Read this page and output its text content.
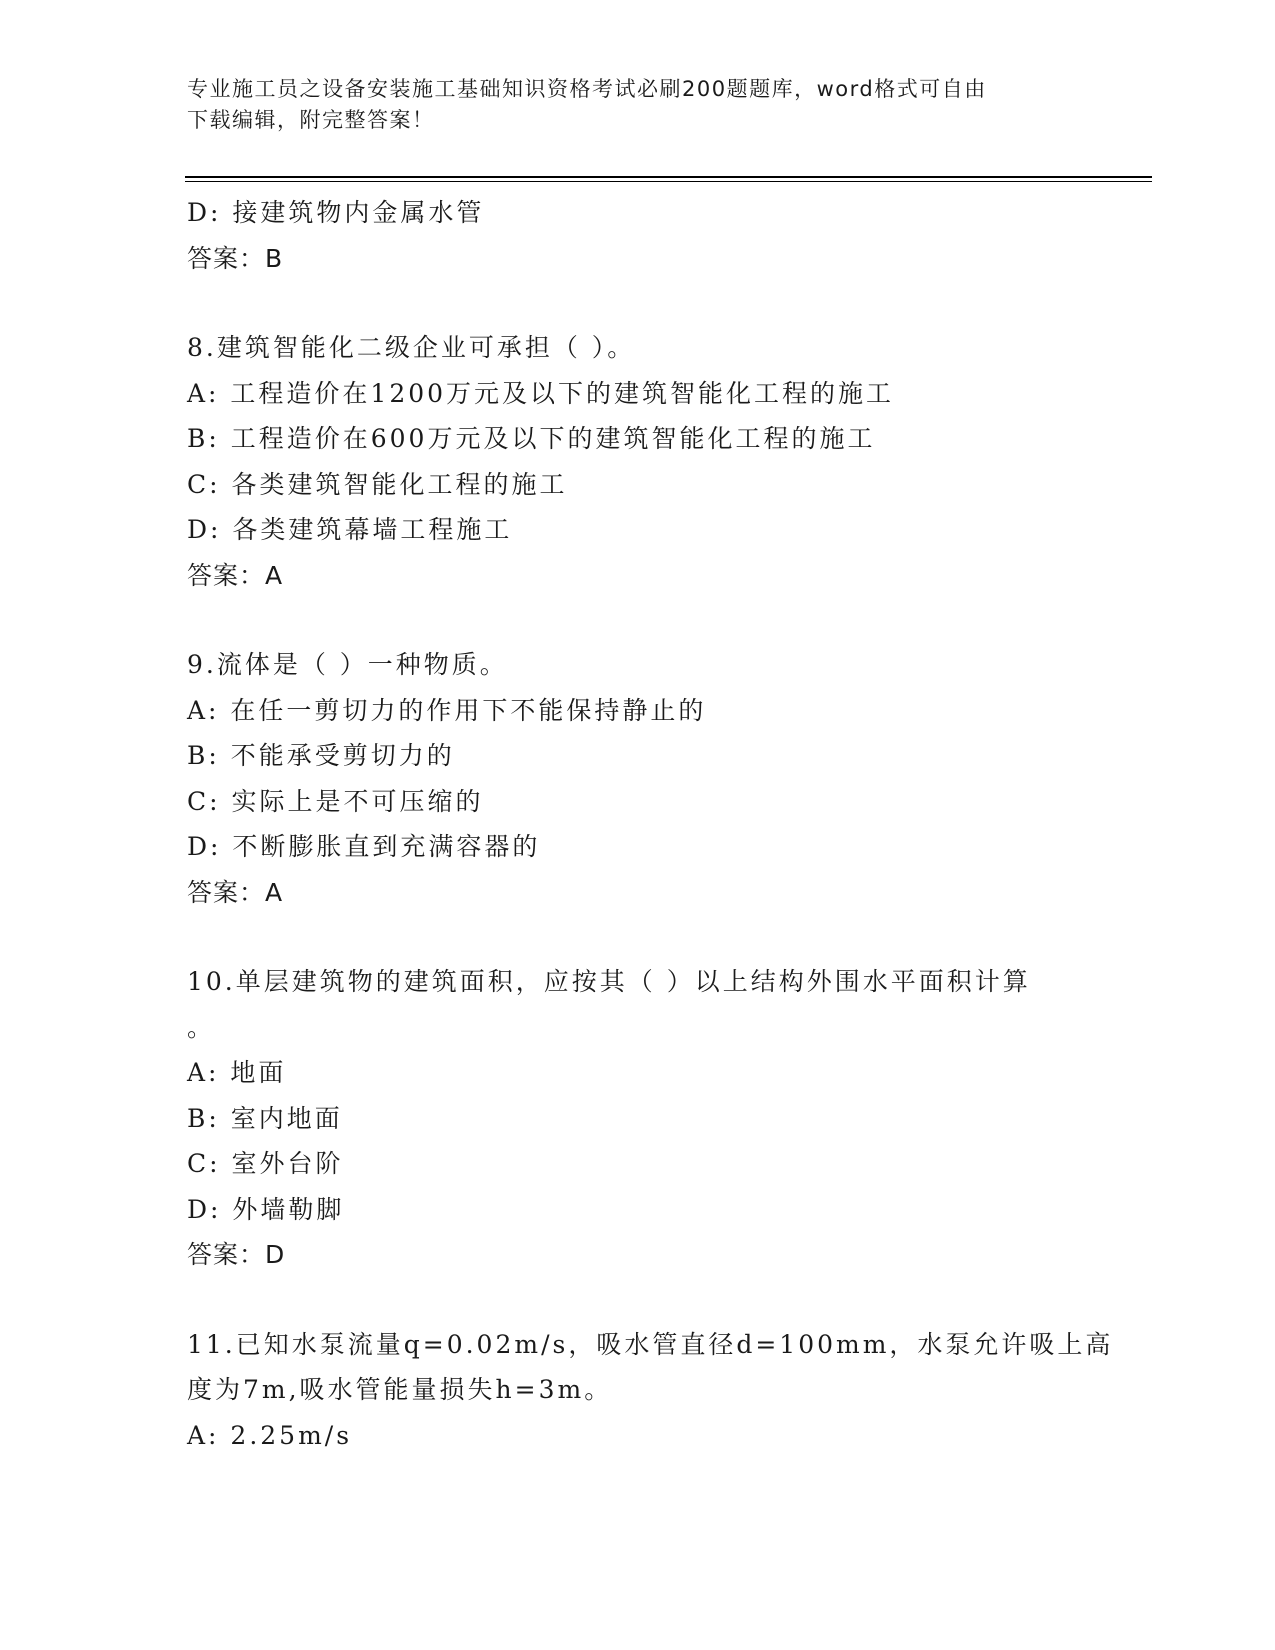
专业施工员之设备安装施工基础知识资格考试必刷200题题库，word格式可自由
下载编辑，附完整答案！
D: 接建筑物内金属水管
答案：B
8.建筑智能化二级企业可承担（ ）。
A: 工程造价在1200万元及以下的建筑智能化工程的施工
B: 工程造价在600万元及以下的建筑智能化工程的施工
C: 各类建筑智能化工程的施工
D: 各类建筑幕墙工程施工
答案：A
9.流体是（ ）一种物质。
A: 在任一剪切力的作用下不能保持静止的
B: 不能承受剪切力的
C: 实际上是不可压缩的
D: 不断膨胀直到充满容器的
答案：A
10.单层建筑物的建筑面积，应按其（ ）以上结构外围水平面积计算
。
A: 地面
B: 室内地面
C: 室外台阶
D: 外墙勒脚
答案：D
11.已知水泵流量q=0.02m/s，吸水管直径d=100mm，水泵允许吸上高
度为7m,吸水管能量损失h=3m。
A: 2.25m/s
